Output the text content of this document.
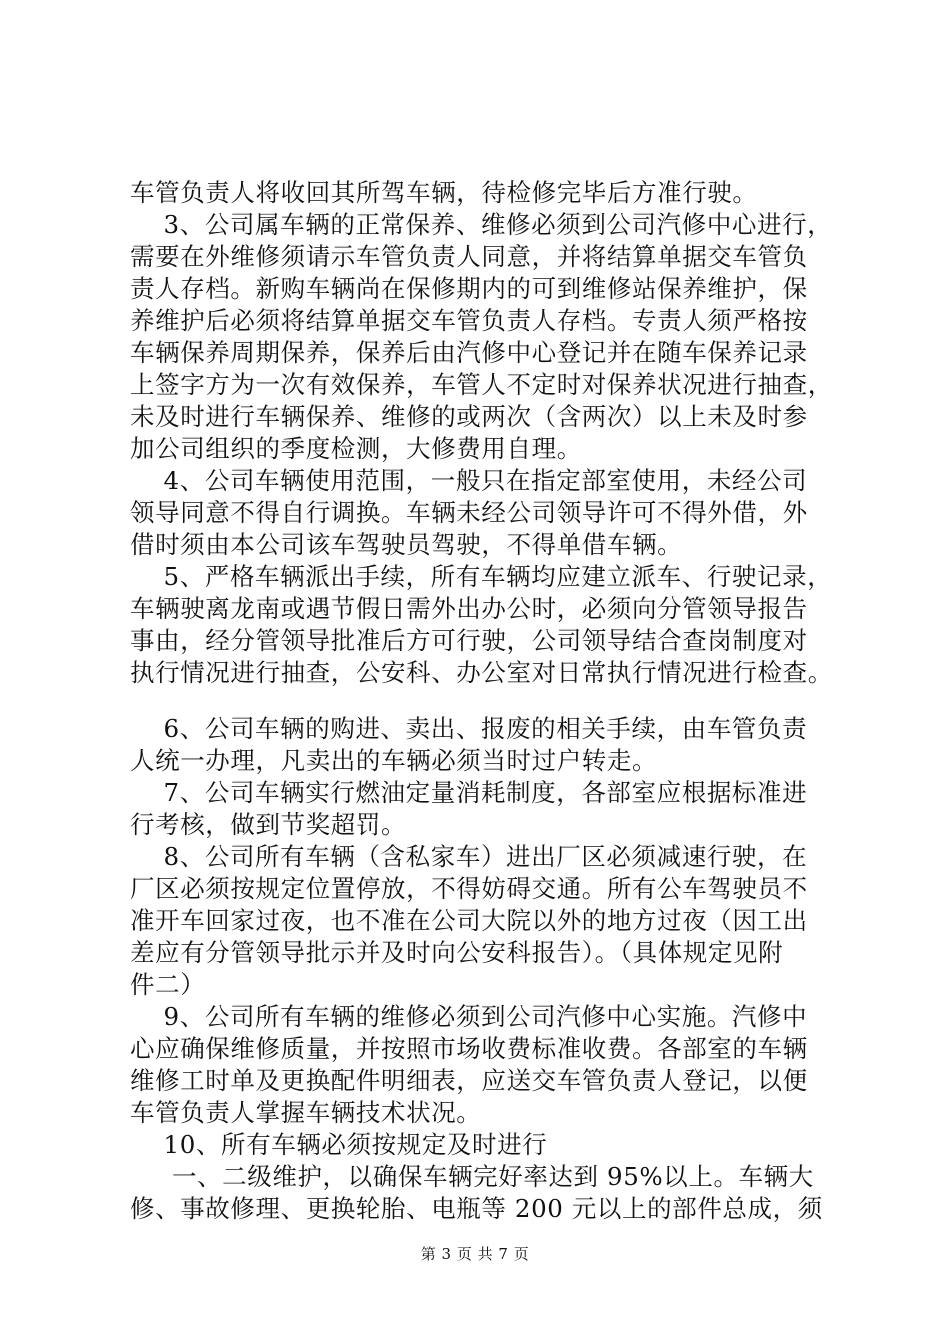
车管负责人将收回其所驾车辆，待检修完毕后方准行驶。
3、公司属车辆的正常保养、维修必须到公司汽修中心进行，
需要在外维修须请示车管负责人同意，并将结算单据交车管负
责人存档。新购车辆尚在保修期内的可到维修站保养维护，保
养维护后必须将结算单据交车管负责人存档。专责人须严格按
车辆保养周期保养，保养后由汽修中心登记并在随车保养记录
上签字方为一次有效保养，车管人不定时对保养状况进行抽查，
未及时进行车辆保养、维修的或两次（含两次）以上未及时参
加公司组织的季度检测，大修费用自理。
4、公司车辆使用范围，一般只在指定部室使用，未经公司
领导同意不得自行调换。车辆未经公司领导许可不得外借，外
借时须由本公司该车驾驶员驾驶，不得单借车辆。
5、严格车辆派出手续，所有车辆均应建立派车、行驶记录，
车辆驶离龙南或遇节假日需外出办公时，必须向分管领导报告
事由，经分管领导批准后方可行驶，公司领导结合查岗制度对
执行情况进行抽查，公安科、办公室对日常执行情况进行检查。
6、公司车辆的购进、卖出、报废的相关手续，由车管负责
人统一办理，凡卖出的车辆必须当时过户转走。
7、公司车辆实行燃油定量消耗制度，各部室应根据标准进
行考核，做到节奖超罚。
8、公司所有车辆（含私家车）进出厂区必须减速行驶，在
厂区必须按规定位置停放，不得妨碍交通。所有公车驾驶员不
准开车回家过夜，也不准在公司大院以外的地方过夜（因工出
差应有分管领导批示并及时向公安科报告）。（具体规定见附
件二）
9、公司所有车辆的维修必须到公司汽修中心实施。汽修中
心应确保维修质量，并按照市场收费标准收费。各部室的车辆
维修工时单及更换配件明细表，应送交车管负责人登记，以便
车管负责人掌握车辆技术状况。
10、所有车辆必须按规定及时进行
一、二级维护，以确保车辆完好率达到 95%以上。车辆大
修、事故修理、更换轮胎、电瓶等 200 元以上的部件总成，须
第 3 页 共 7 页
